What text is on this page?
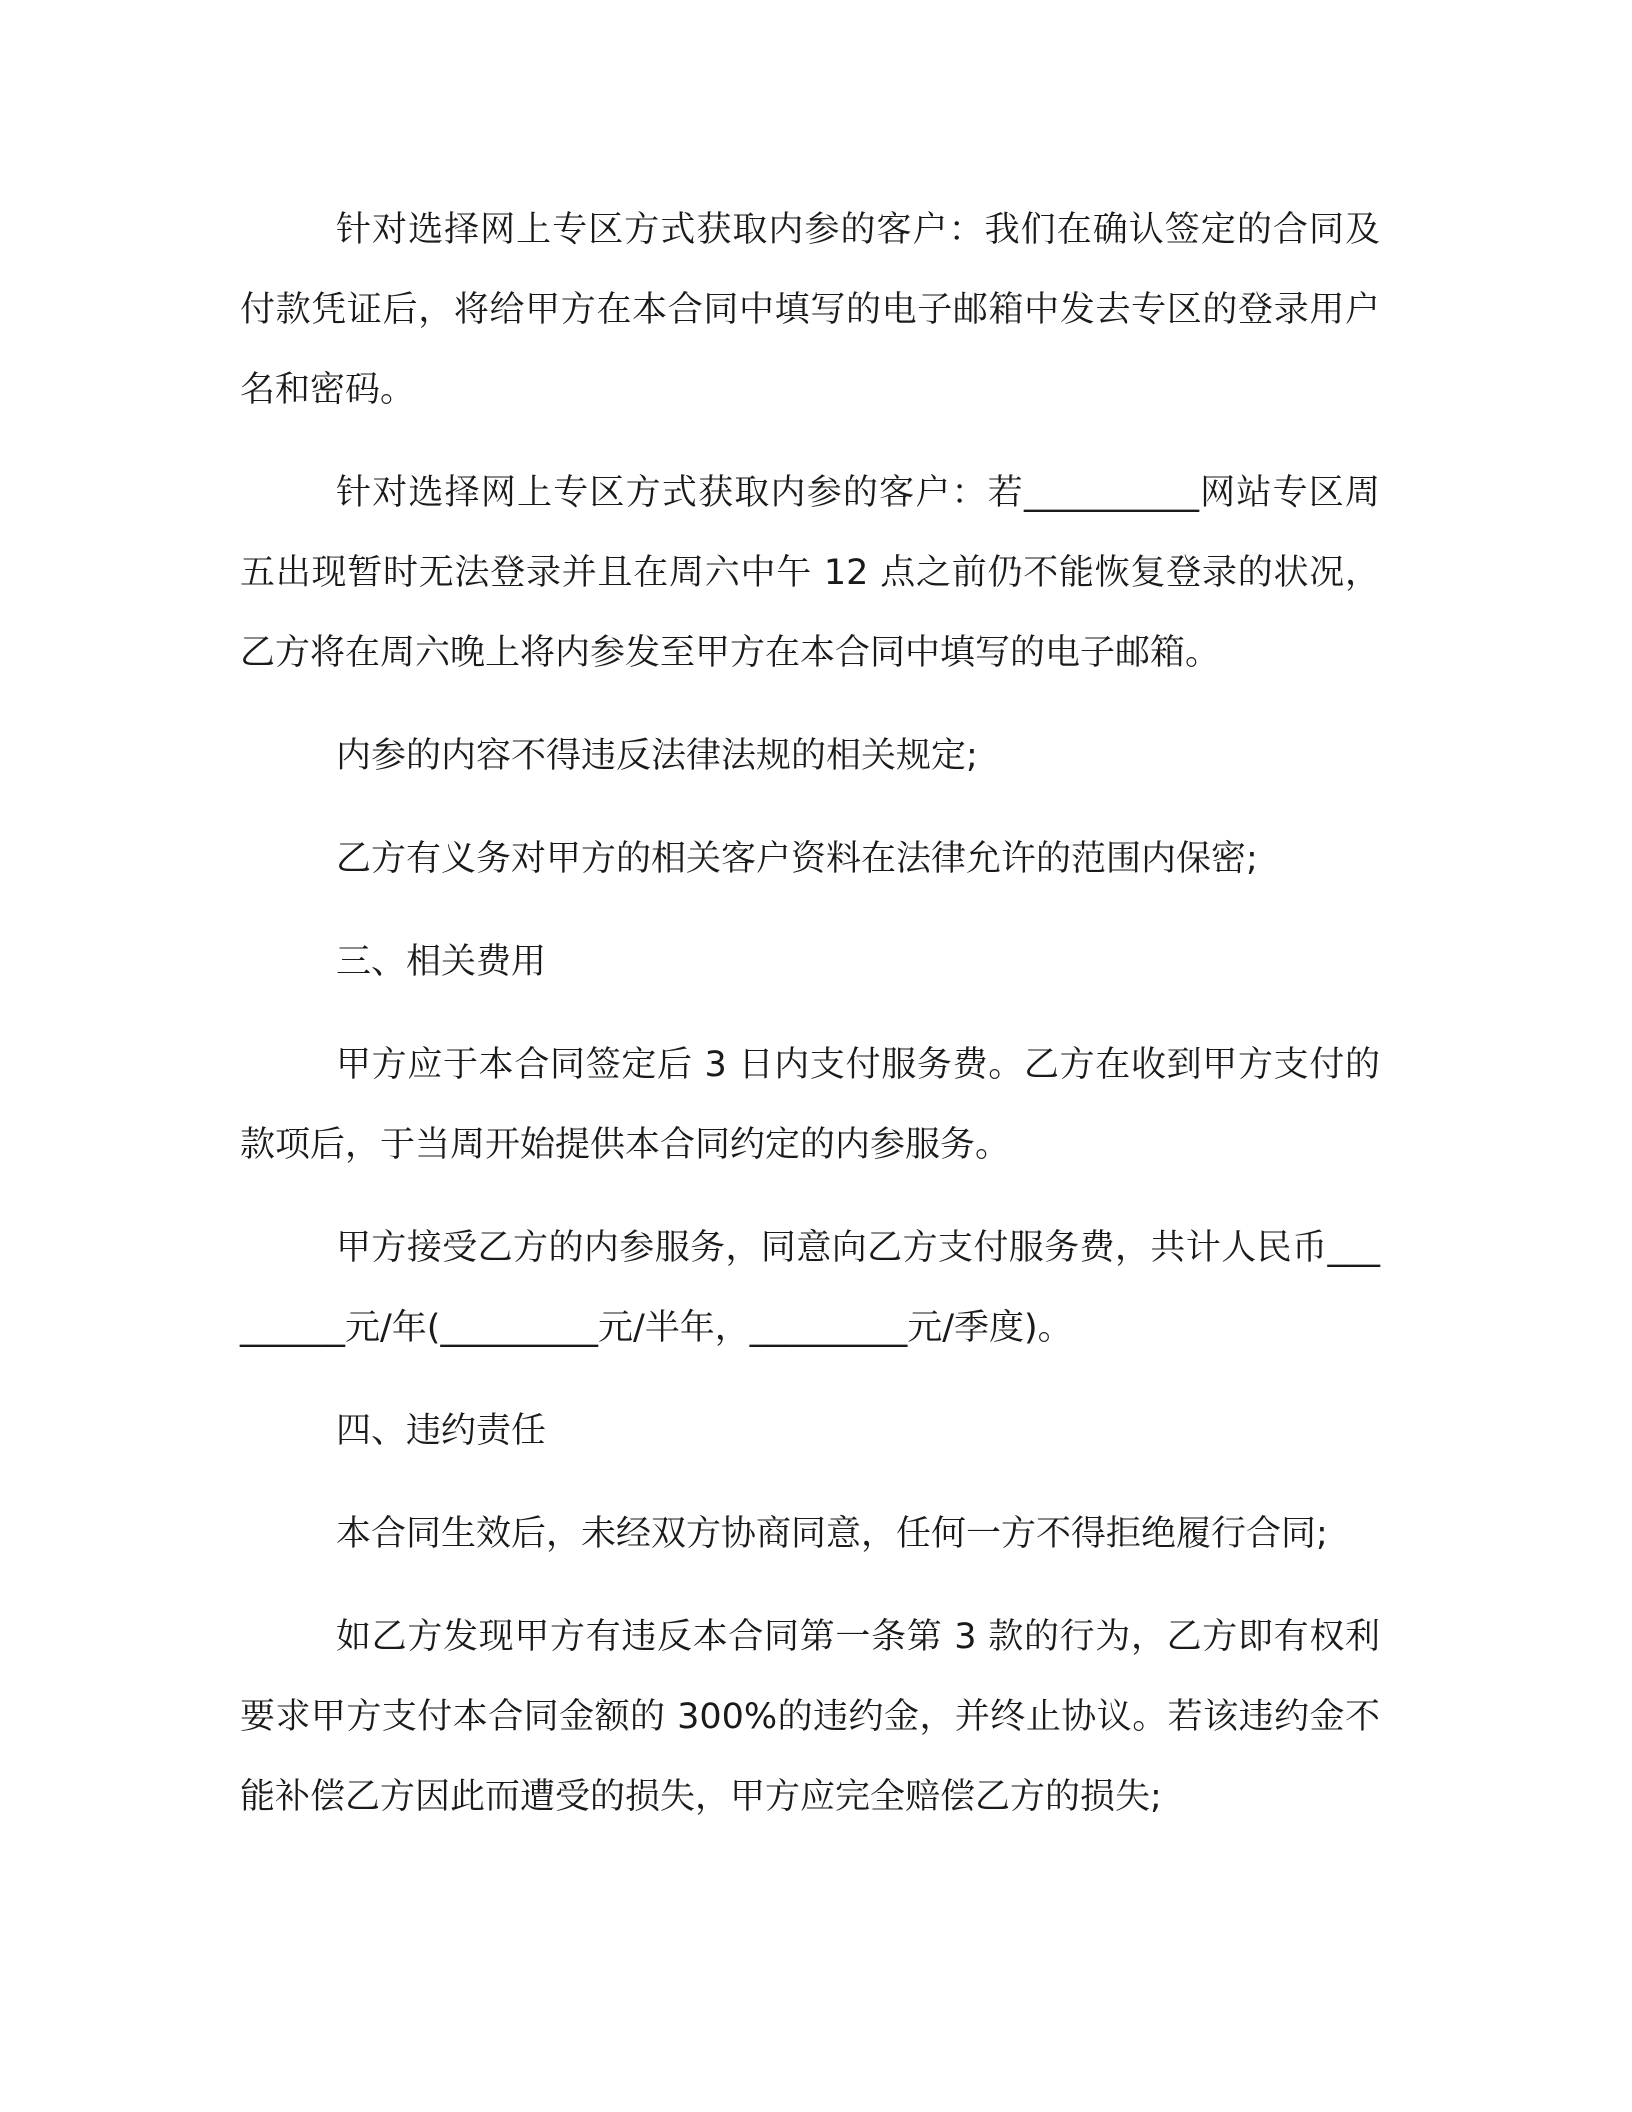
针对选择网上专区方式获取内参的客户：我们在确认签定的合同及付款凭证后，将给甲方在本合同中填写的电子邮箱中发去专区的登录用户名和密码。

针对选择网上专区方式获取内参的客户：若__________网站专区周五出现暂时无法登录并且在周六中午 12 点之前仍不能恢复登录的状况，乙方将在周六晚上将内参发至甲方在本合同中填写的电子邮箱。

内参的内容不得违反法律法规的相关规定;

乙方有义务对甲方的相关客户资料在法律允许的范围内保密;

三、相关费用

甲方应于本合同签定后 3 日内支付服务费。乙方在收到甲方支付的款项后，于当周开始提供本合同约定的内参服务。

甲方接受乙方的内参服务，同意向乙方支付服务费，共计人民币_________元/年(_________元/半年，_________元/季度)。

四、违约责任

本合同生效后，未经双方协商同意，任何一方不得拒绝履行合同;

如乙方发现甲方有违反本合同第一条第 3 款的行为，乙方即有权利要求甲方支付本合同金额的 300%的违约金，并终止协议。若该违约金不能补偿乙方因此而遭受的损失，甲方应完全赔偿乙方的损失;
